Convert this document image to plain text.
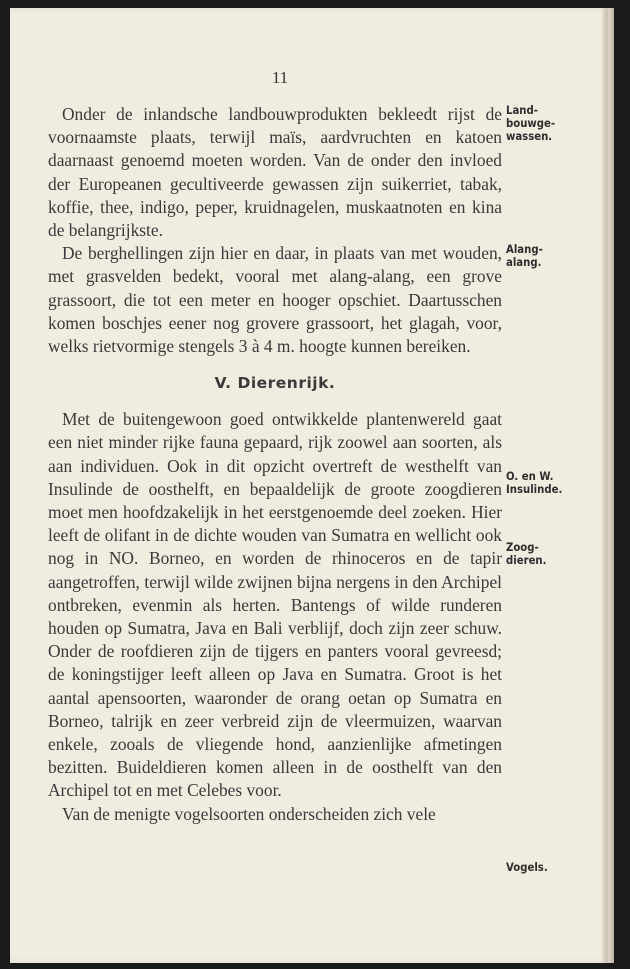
11

Onder de inlandsche landbouwprodukten bekleedt rijst de voornaamste plaats, terwijl maïs, aardvruchten en katoen daarnaast genoemd moeten worden. Van de onder den invloed der Europeanen gecultiveerde gewassen zijn suikerriet, tabak, koffie, thee, indigo, peper, kruidnagelen, muskaatnoten en kina de belangrijkste.

De berghellingen zijn hier en daar, in plaats van met wouden, met grasvelden bedekt, vooral met alang-alang, een grove grassoort, die tot een meter en hooger opschiet. Daartusschen komen boschjes eener nog grovere grassoort, het glagah, voor, welks rietvormige stengels 3 à 4 m. hoogte kunnen bereiken.

V. Dierenrijk.

Met de buitengewoon goed ontwikkelde plantenwereld gaat een niet minder rijke fauna gepaard, rijk zoowel aan soorten, als aan individuen. Ook in dit opzicht overtreft de westhelft van Insulinde de oosthelft, en bepaaldelijk de groote zoogdieren moet men hoofdzakelijk in het eerstgenoemde deel zoeken. Hier leeft de olifant in de dichte wouden van Sumatra en wellicht ook nog in NO. Borneo, en worden de rhinoceros en de tapir aangetroffen, terwijl wilde zwijnen bijna nergens in den Archipel ontbreken, evenmin als herten. Bantengs of wilde runderen houden op Sumatra, Java en Bali verblijf, doch zijn zeer schuw. Onder de roofdieren zijn de tijgers en panters vooral gevreesd; de koningstijger leeft alleen op Java en Sumatra. Groot is het aantal apensoorten, waaronder de orang oetan op Sumatra en Borneo, talrijk en zeer verbreid zijn de vleermuizen, waarvan enkele, zooals de vliegende hond, aanzienlijke afmetingen bezitten. Buideldieren komen alleen in de oosthelft van den Archipel tot en met Celebes voor.

Van de menigte vogelsoorten onderscheiden zich vele

Land-
bouwge-
wassen.
Alang-
alang.
O. en W.
Insulinde.
Zoog-
dieren.
Vogels.
